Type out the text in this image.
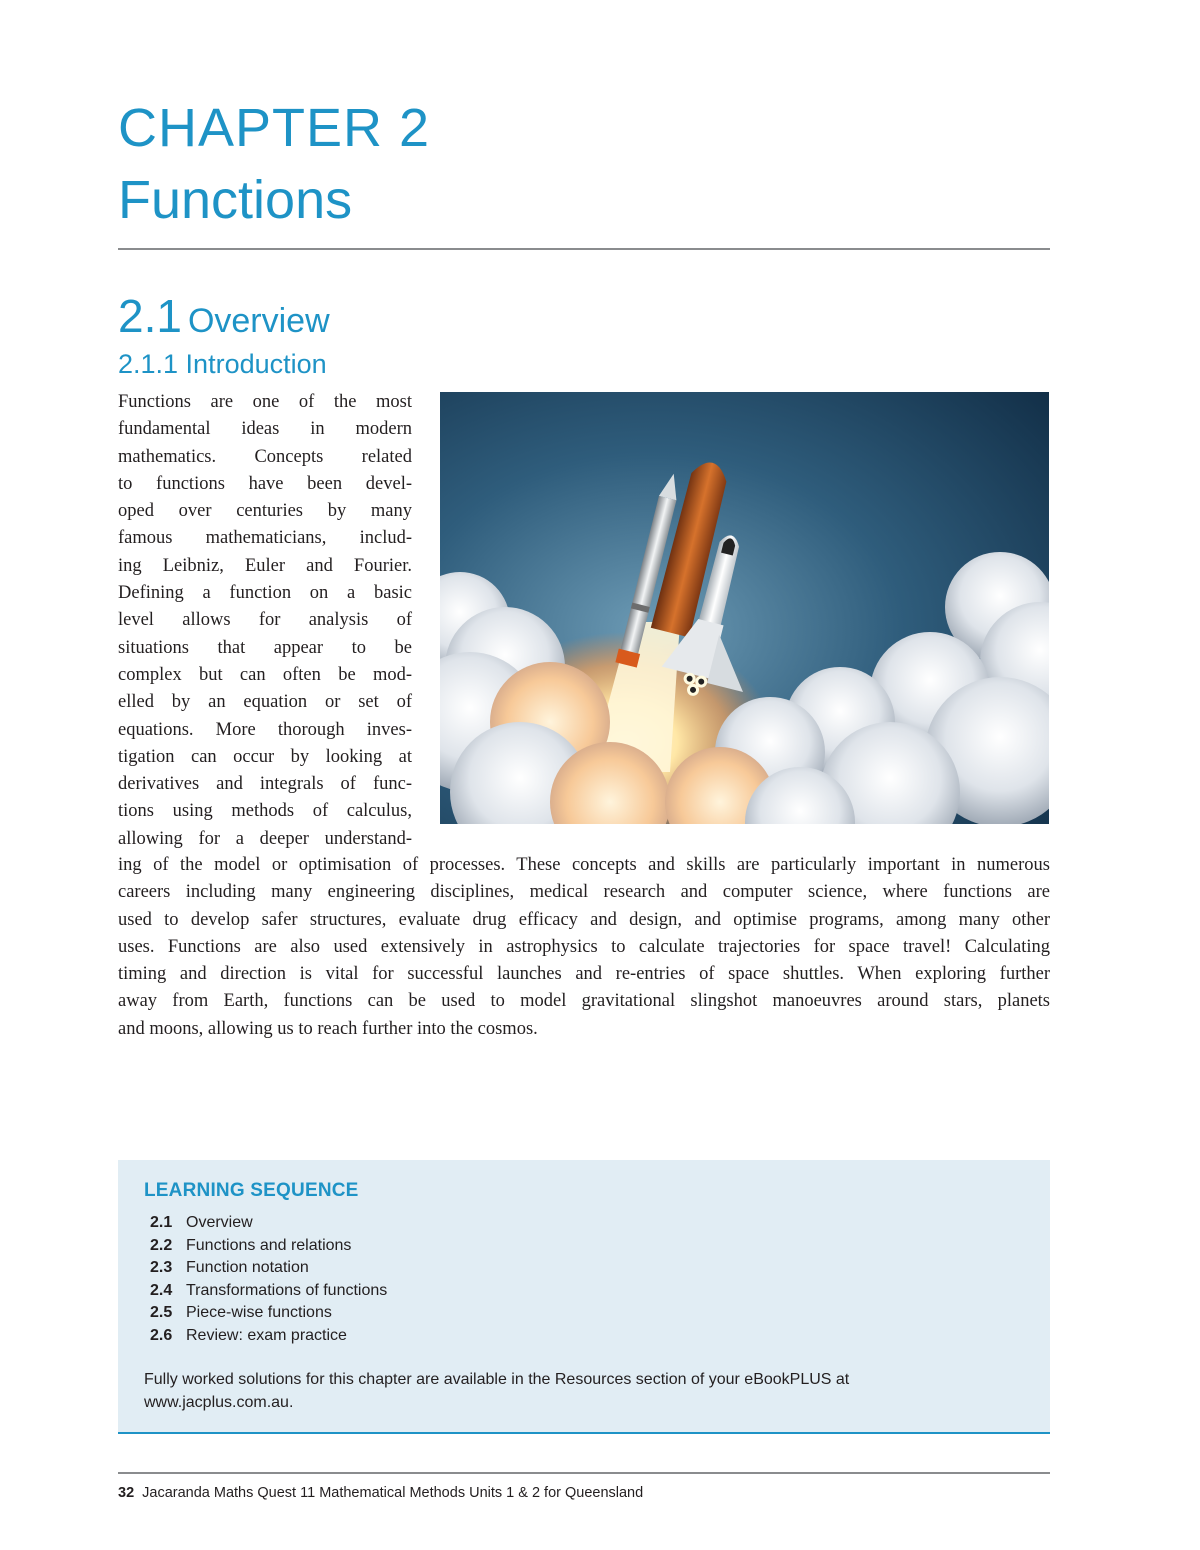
CHAPTER 2
Functions
2.1 Overview
2.1.1 Introduction
Functions are one of the most
fundamental ideas in modern
mathematics. Concepts related
to functions have been devel-
oped over centuries by many
famous mathematicians, includ-
ing Leibniz, Euler and Fourier.
Defining a function on a basic
level allows for analysis of
situations that appear to be
complex but can often be mod-
elled by an equation or set of
equations. More thorough inves-
tigation can occur by looking at
derivatives and integrals of func-
tions using methods of calculus,
allowing for a deeper understand-
ing of the model or optimisation of processes. These concepts and skills are particularly important in numerous
careers including many engineering disciplines, medical research and computer science, where functions are
used to develop safer structures, evaluate drug efficacy and design, and optimise programs, among many other
uses. Functions are also used extensively in astrophysics to calculate trajectories for space travel! Calculating
timing and direction is vital for successful launches and re-entries of space shuttles. When exploring further
away from Earth, functions can be used to model gravitational slingshot manoeuvres around stars, planets
and moons, allowing us to reach further into the cosmos.
LEARNING SEQUENCE
2.1 Overview
2.2 Functions and relations
2.3 Function notation
2.4 Transformations of functions
2.5 Piece-wise functions
2.6 Review: exam practice
Fully worked solutions for this chapter are available in the Resources section of your eBookPLUS at
www.jacplus.com.au.
32 Jacaranda Maths Quest 11 Mathematical Methods Units 1 & 2 for Queensland
